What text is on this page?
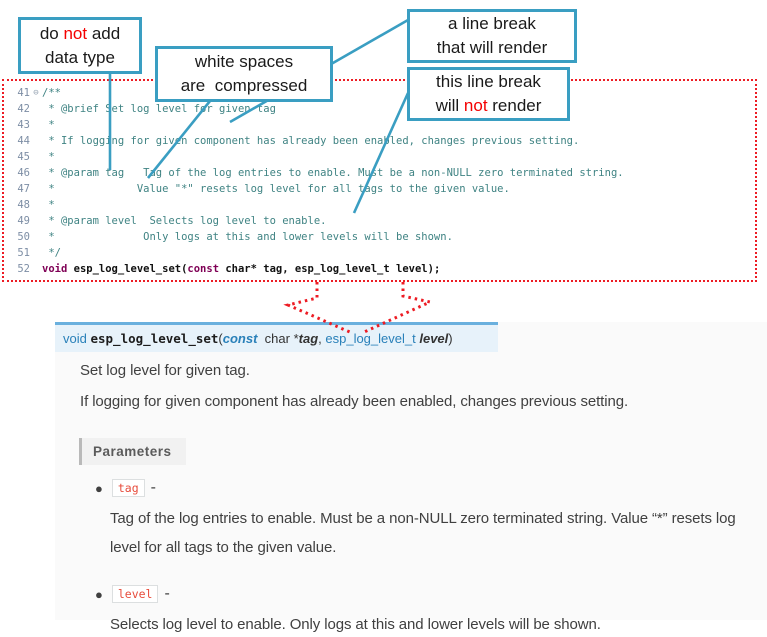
41 ⊖ /**
42 * @brief Set log level for given tag
43 *
44 * If logging for given component has already been enabled, changes previous setting.
45 *
46 * @param tag   Tag of the log entries to enable. Must be a non-NULL zero terminated string.
47 *             Value "*" resets log level for all tags to the given value.
48 *
49 * @param level  Selects log level to enable.
50 *              Only logs at this and lower levels will be shown.
51 */
52 void esp_log_level_set(const char* tag, esp_log_level_t level);
void esp_log_level_set(const char *tag, esp_log_level_t level)

Set log level for given tag.

If logging for given component has already been enabled, changes previous setting.

Parameters
●	tag -

Tag of the log entries to enable. Must be a non-NULL zero terminated string. Value “*” resets log level for all tags to the given value.

●	level -

Selects log level to enable. Only logs at this and lower levels will be shown.

do not add
data type	white spaces
are  compressed
a line break
that will render
this line break
will not render
